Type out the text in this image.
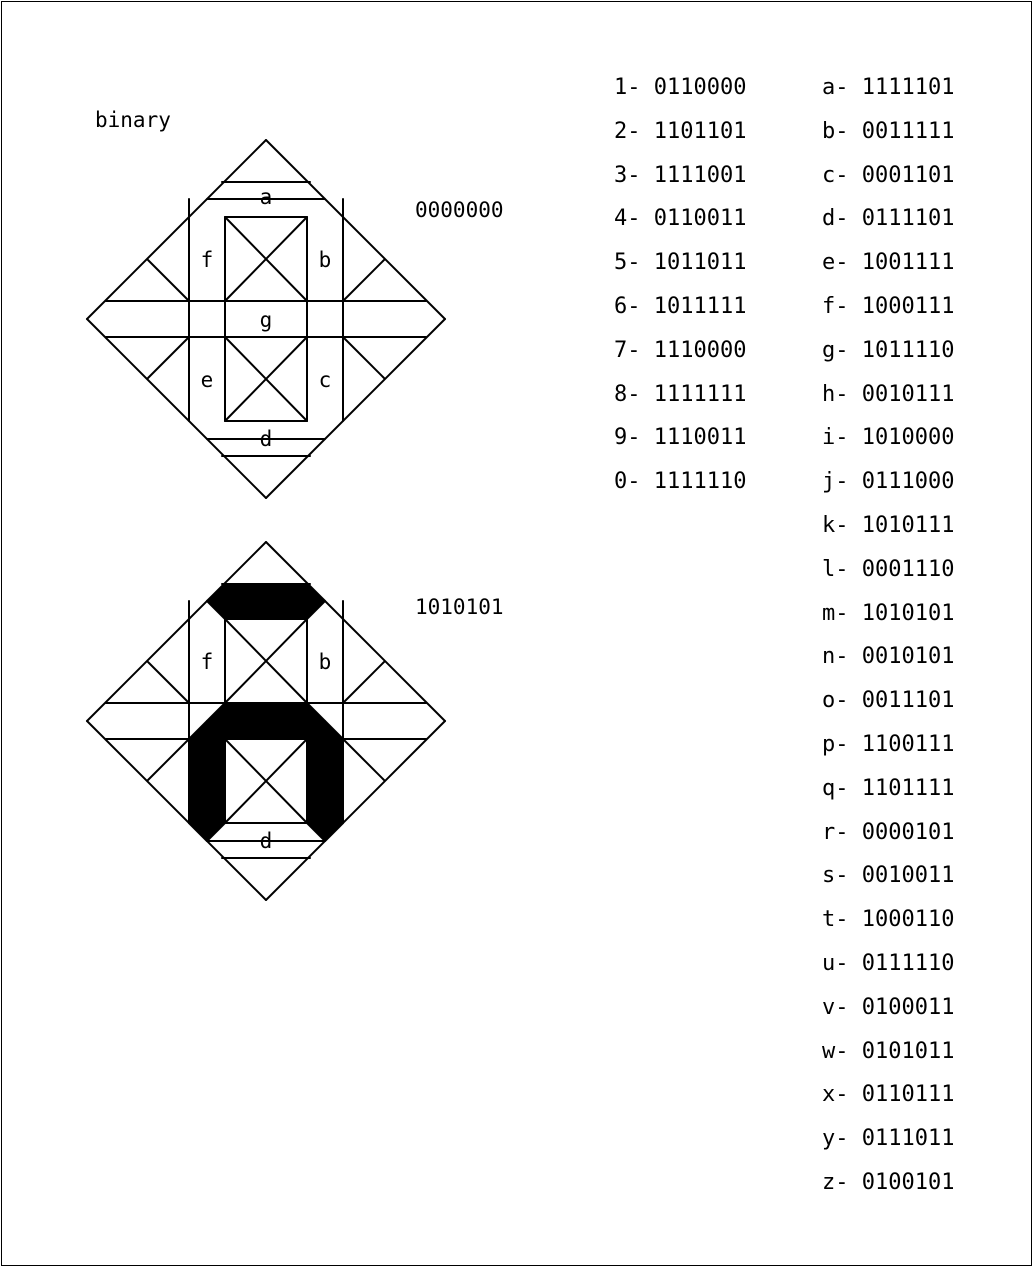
binary
a
b
c
d
e
f
g
0000000
b
d
f
1010101
1- 0110000
2- 1101101
3- 1111001
4- 0110011
5- 1011011
6- 1011111
7- 1110000
8- 1111111
9- 1110011
0- 1111110
a- 1111101
b- 0011111
c- 0001101
d- 0111101
e- 1001111
f- 1000111
g- 1011110
h- 0010111
i- 1010000
j- 0111000
k- 1010111
l- 0001110
m- 1010101
n- 0010101
o- 0011101
p- 1100111
q- 1101111
r- 0000101
s- 0010011
t- 1000110
u- 0111110
v- 0100011
w- 0101011
x- 0110111
y- 0111011
z- 0100101
